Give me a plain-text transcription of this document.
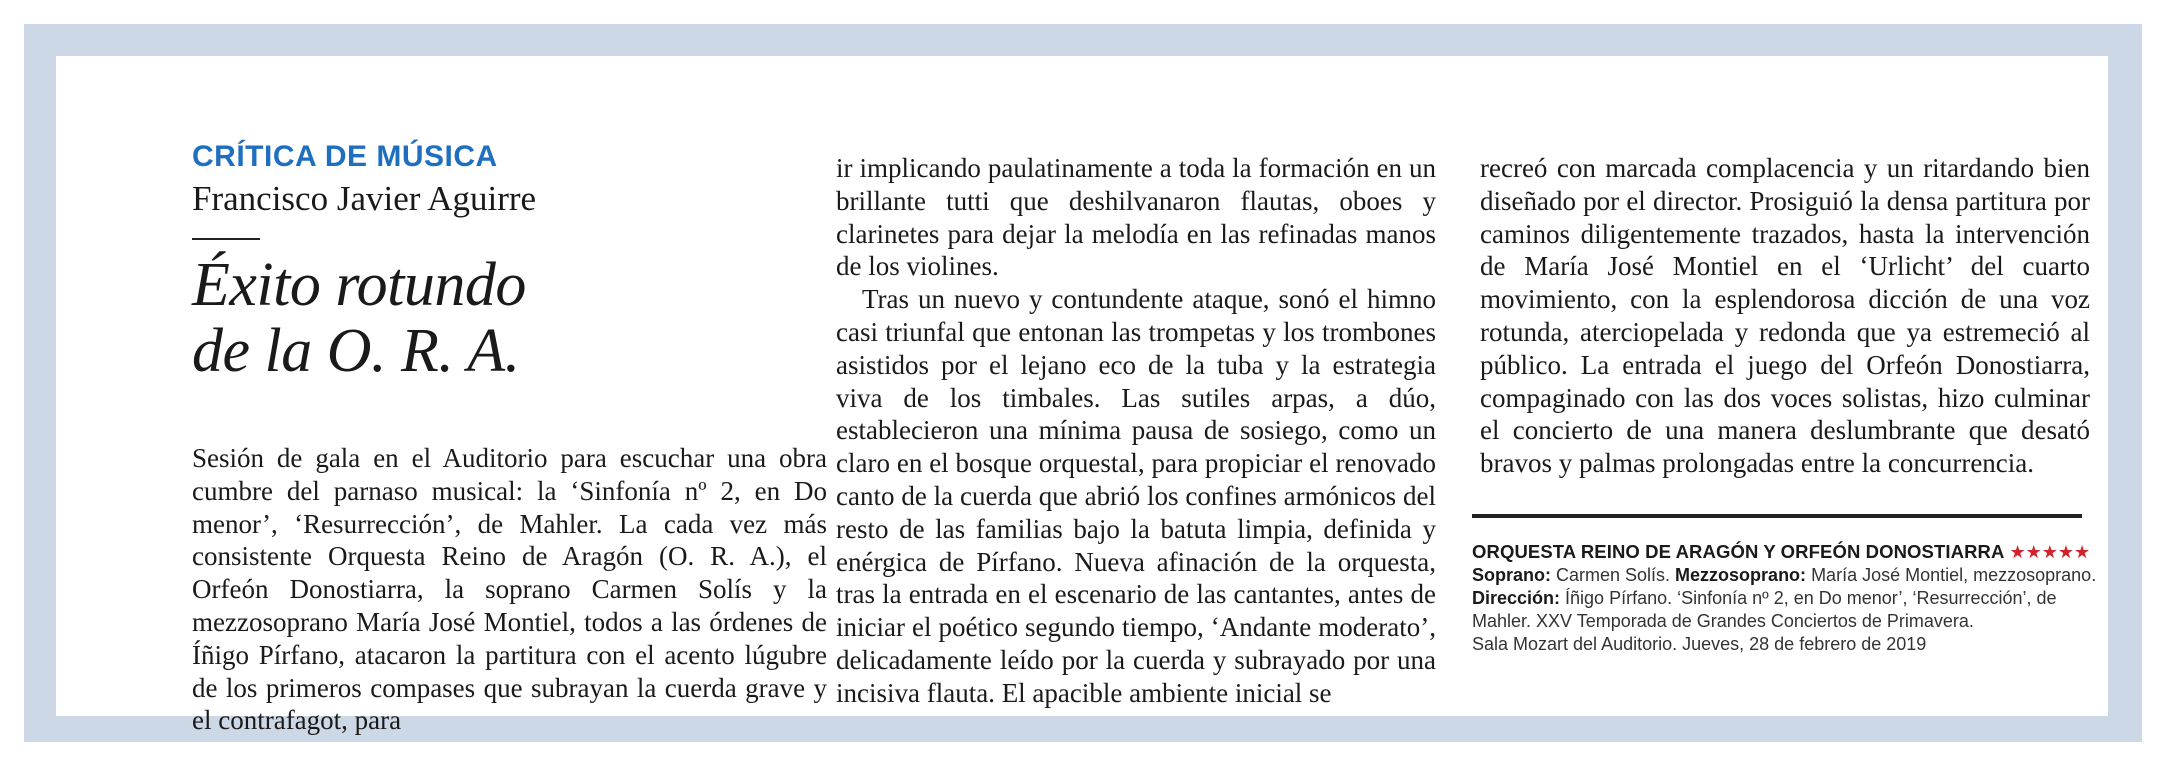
CRÍTICA DE MÚSICA

Francisco Javier Aguirre

Éxito rotundo
de la O. R. A.

Sesión de gala en el Auditorio para escuchar una obra cumbre del parnaso musical: la ‘Sinfonía nº 2, en Do menor’, ‘Resurrección’, de Mahler. La cada vez más consistente Orquesta Reino de Aragón (O. R. A.), el Orfeón Donostiarra, la soprano Carmen Solís y la mezzosoprano María José Montiel, todos a las órdenes de Íñigo Pírfano, atacaron la partitura con el acento lúgubre de los primeros compases que subrayan la cuerda grave y el contrafagot, para

ir implicando paulatinamente a toda la formación en un brillante tutti que deshilvanaron flautas, oboes y clarinetes para dejar la melodía en las refinadas manos de los violines.

Tras un nuevo y contundente ataque, sonó el himno casi triunfal que entonan las trompetas y los trombones asistidos por el lejano eco de la tuba y la estrategia viva de los timbales. Las sutiles arpas, a dúo, establecieron una mínima pausa de sosiego, como un claro en el bosque orquestal, para propiciar el renovado canto de la cuerda que abrió los confines armónicos del resto de las familias bajo la batuta limpia, definida y enérgica de Pírfano. Nueva afinación de la orquesta, tras la entrada en el escenario de las cantantes, antes de iniciar el poético segundo tiempo, ‘Andante moderato’, delicadamente leído por la cuerda y subrayado por una incisiva flauta. El apacible ambiente inicial se

recreó con marcada complacencia y un ritardando bien diseñado por el director. Prosiguió la densa partitura por caminos diligentemente trazados, hasta la intervención de María José Montiel en el ‘Urlicht’ del cuarto movimiento, con la esplendorosa dicción de una voz rotunda, aterciopelada y redonda que ya estremeció al público. La entrada el juego del Orfeón Donostiarra, compaginado con las dos voces solistas, hizo culminar el concierto de una manera deslumbrante que desató bravos y palmas prolongadas entre la concurrencia.

ORQUESTA REINO DE ARAGÓN Y ORFEÓN DONOSTIARRA ★★★★★
Soprano: Carmen Solís. Mezzosoprano: María José Montiel, mezzosoprano.
Dirección: Íñigo Pírfano. ‘Sinfonía nº 2, en Do menor’, ‘Resurrección’, de
Mahler. XXV Temporada de Grandes Conciertos de Primavera.
Sala Mozart del Auditorio. Jueves, 28 de febrero de 2019
